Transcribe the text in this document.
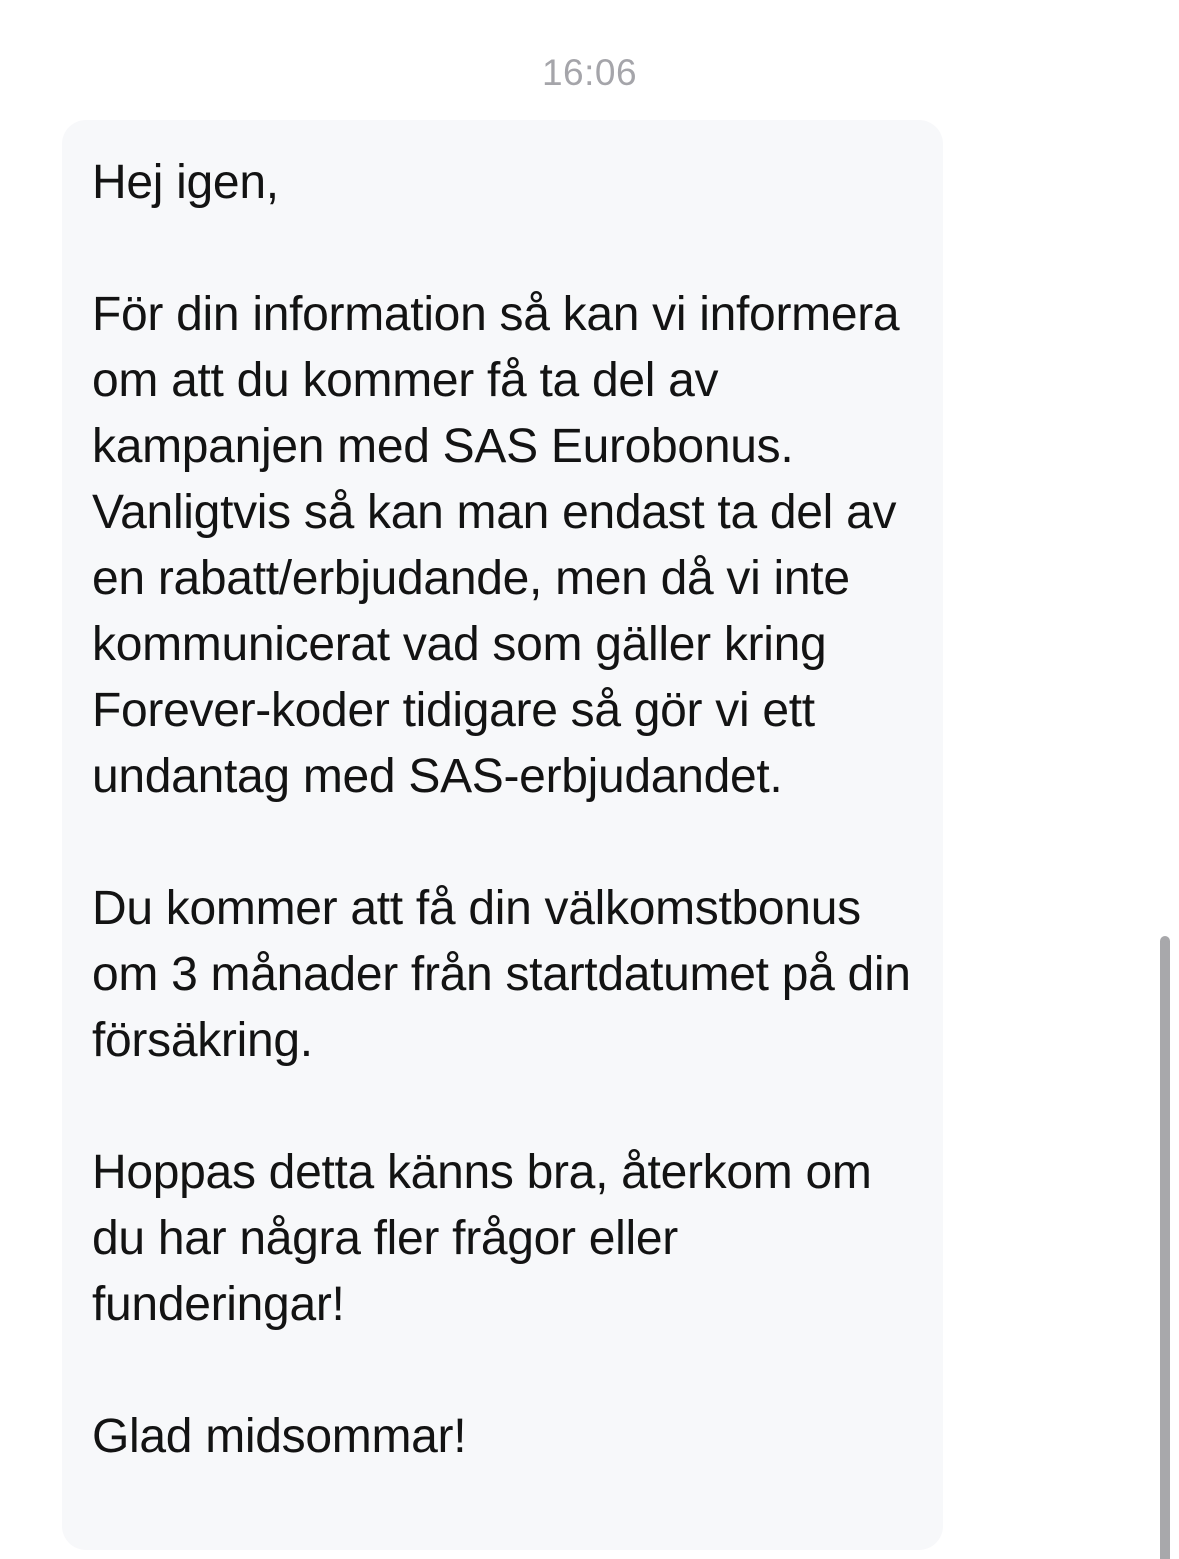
16:06

Hej igen,

För din information så kan vi informera om att du kommer få ta del av kampanjen med SAS Eurobonus. Vanligtvis så kan man endast ta del av en rabatt/erbjudande, men då vi inte kommunicerat vad som gäller kring Forever-koder tidigare så gör vi ett undantag med SAS-erbjudandet.

Du kommer att få din välkomstbonus om 3 månader från startdatumet på din försäkring.

Hoppas detta känns bra, återkom om du har några fler frågor eller funderingar!

Glad midsommar!
